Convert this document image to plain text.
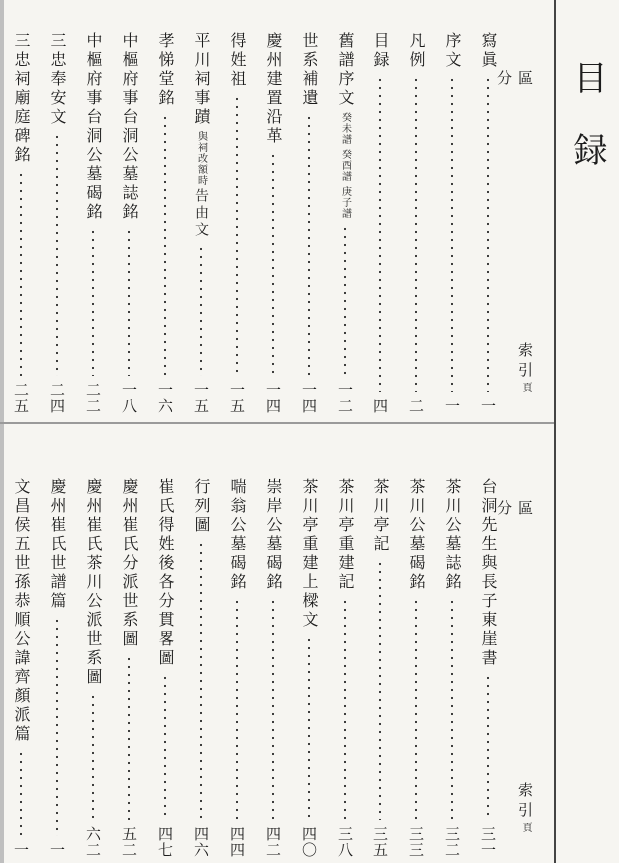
目録
區分
索引頁
區分
索引頁
寫眞
一
序文
一
凡例
二
目録
四
舊譜序文
癸未譜 癸酉譜 庚子譜
一二
世系補遺
一四
慶州建置沿革
一四
得姓祖
一五
平川祠事蹟
與祠改額時
告由文
一五
孝悌堂銘
一六
中樞府事台洞公墓誌銘
一八
中樞府事台洞公墓碣銘
二二
三忠奉安文
二四
三忠祠廟庭碑銘
二五
台洞先生與長子東崖書
三一
茶川公墓誌銘
三二
茶川公墓碣銘
三三
茶川亭記
三五
茶川亭重建記
三八
茶川亭重建上樑文
四〇
崇岸公墓碣銘
四二
喘翁公墓碣銘
四四
行列圖
四六
崔氏得姓後各分貫畧圖
四七
慶州崔氏分派世系圖
五二
慶州崔氏茶川公派世系圖
六二
慶州崔氏世譜篇
一
文昌侯五世孫恭順公諱齊顏派篇
一
